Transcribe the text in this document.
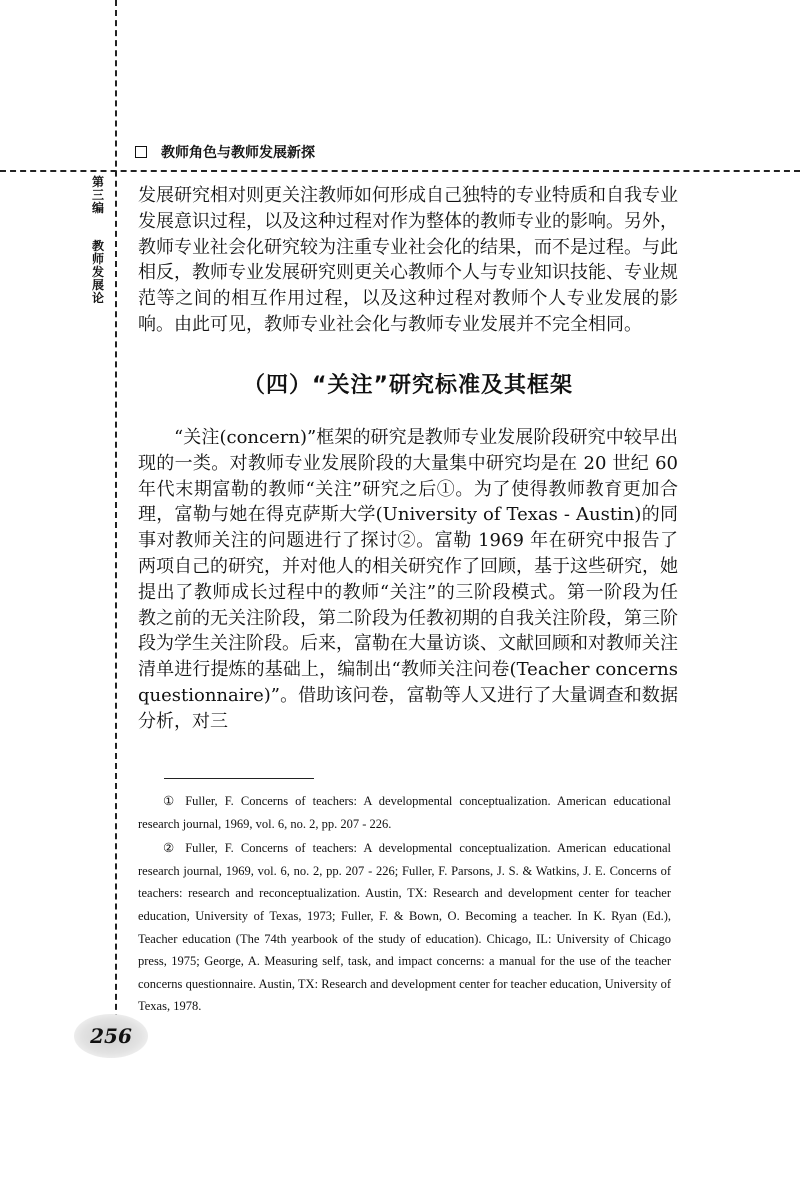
教师角色与教师发展新探
第三编
教师发展论

发展研究相对则更关注教师如何形成自己独特的专业特质和自我专业发展意识过程，以及这种过程对作为整体的教师专业的影响。另外，教师专业社会化研究较为注重专业社会化的结果，而不是过程。与此相反，教师专业发展研究则更关心教师个人与专业知识技能、专业规范等之间的相互作用过程，以及这种过程对教师个人专业发展的影响。由此可见，教师专业社会化与教师专业发展并不完全相同。

（四）“关注”研究标准及其框架

“关注(concern)”框架的研究是教师专业发展阶段研究中较早出现的一类。对教师专业发展阶段的大量集中研究均是在 20 世纪 60 年代末期富勒的教师“关注”研究之后①。为了使得教师教育更加合理，富勒与她在得克萨斯大学(University of Texas - Austin)的同事对教师关注的问题进行了探讨②。富勒 1969 年在研究中报告了两项自己的研究，并对他人的相关研究作了回顾，基于这些研究，她提出了教师成长过程中的教师“关注”的三阶段模式。第一阶段为任教之前的无关注阶段，第二阶段为任教初期的自我关注阶段，第三阶段为学生关注阶段。后来，富勒在大量访谈、文献回顾和对教师关注清单进行提炼的基础上，编制出“教师关注问卷(Teacher concerns questionnaire)”。借助该问卷，富勒等人又进行了大量调查和数据分析，对三

① Fuller, F. Concerns of teachers: A developmental conceptualization. American educational research journal, 1969, vol. 6, no. 2, pp. 207 - 226.

② Fuller, F. Concerns of teachers: A developmental conceptualization. American educational research journal, 1969, vol. 6, no. 2, pp. 207 - 226; Fuller, F. Parsons, J. S. & Watkins, J. E. Concerns of teachers: research and reconceptualization. Austin, TX: Research and development center for teacher education, University of Texas, 1973; Fuller, F. & Bown, O. Becoming a teacher. In K. Ryan (Ed.), Teacher education (The 74th yearbook of the study of education). Chicago, IL: University of Chicago press, 1975; George, A. Measuring self, task, and impact concerns: a manual for the use of the teacher concerns questionnaire. Austin, TX: Research and development center for teacher education, University of Texas, 1978.

256
